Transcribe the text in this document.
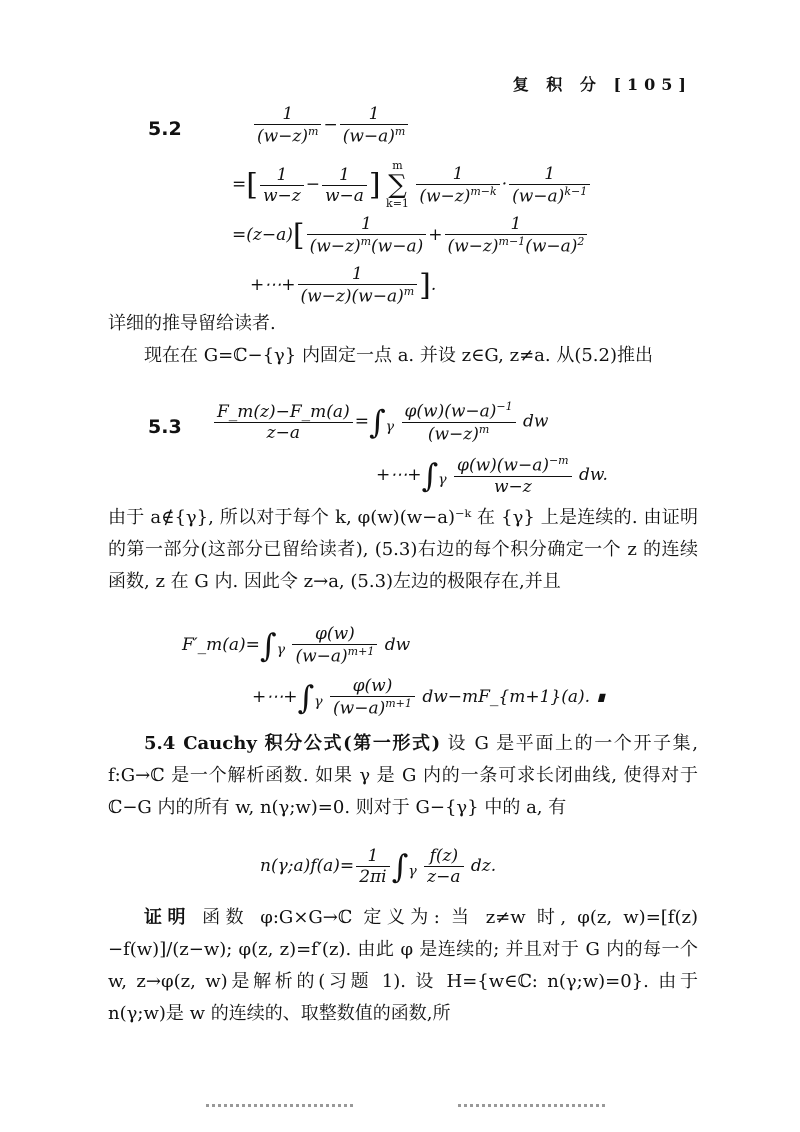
复 积 分 [105]
5.2	$\frac{1}{(w-z)^m} - \frac{1}{(w-a)^m}$
=[ $\frac{1}{w-z} - \frac{1}{w-a}$ ] m
∑
$k=1 \frac{1}{(w-z)^{m-k}} \cdot \frac{1}{(w-a)^{k-1}}$
$=(z-a)[ \frac{1}{(w-z)^m(w-a)} + \frac{1}{(w-z)^{m-1}(w-a)^2}$
+⋯+ $\frac{1}{(w-z)(w-a)^m}$ ].
详细的推导留给读者.
现在在 G=ℂ−{γ} 内固定一点 a. 并设 z∈G, z≠a. 从(5.2)推出
$5.3 \frac{F\_m(z)-F\_m(a)}{z-a} =\int_\gamma \frac{\varphi(w)(w-a)^{-1}}{(w-z)^m}$ dw
$+\cdots+\int_\gamma \frac{\varphi(w)(w-a)^{-m}}{w-z}$ dw.
由于 a∉{γ}, 所以对于每个 k, φ(w)(w−a)⁻ᵏ 在 {γ} 上是连续的. 由证明的第一部分(这部分已留给读者), (5.3)右边的每个积分确定一个 z 的连续函数, z 在 G 内. 因此令 z→a, (5.3)左边的极限存在,并且
$F'\_m(a)=\int_\gamma \frac{\varphi(w)}{(w-a)^{m+1}}$ dw
$+\cdots+\int_\gamma \frac{\varphi(w)}{(w-a)^{m+1}}$ dw−mF_{m+1}(a). ∎
5.4 Cauchy 积分公式(第一形式) 设 G 是平面上的一个开子集, f:G→ℂ 是一个解析函数. 如果 γ 是 G 内的一条可求长闭曲线, 使得对于 ℂ−G 内的所有 w, n(γ;w)=0. 则对于 G−{γ} 中的 a, 有
n(γ;a)f(a)= $\frac{1}{2\pi i} \int_\gamma \frac{f(z)}{z-a}$ dz.
证明 函数 φ:G×G→ℂ 定义为: 当 z≠w 时, φ(z, w)=[f(z)−f(w)]/(z−w); φ(z, z)=f′(z). 由此 φ 是连续的; 并且对于 G 内的每一个 w, z→φ(z, w)是解析的(习题 1). 设 H={w∈ℂ: n(γ;w)=0}. 由于 n(γ;w)是 w 的连续的、取整数值的函数,所
